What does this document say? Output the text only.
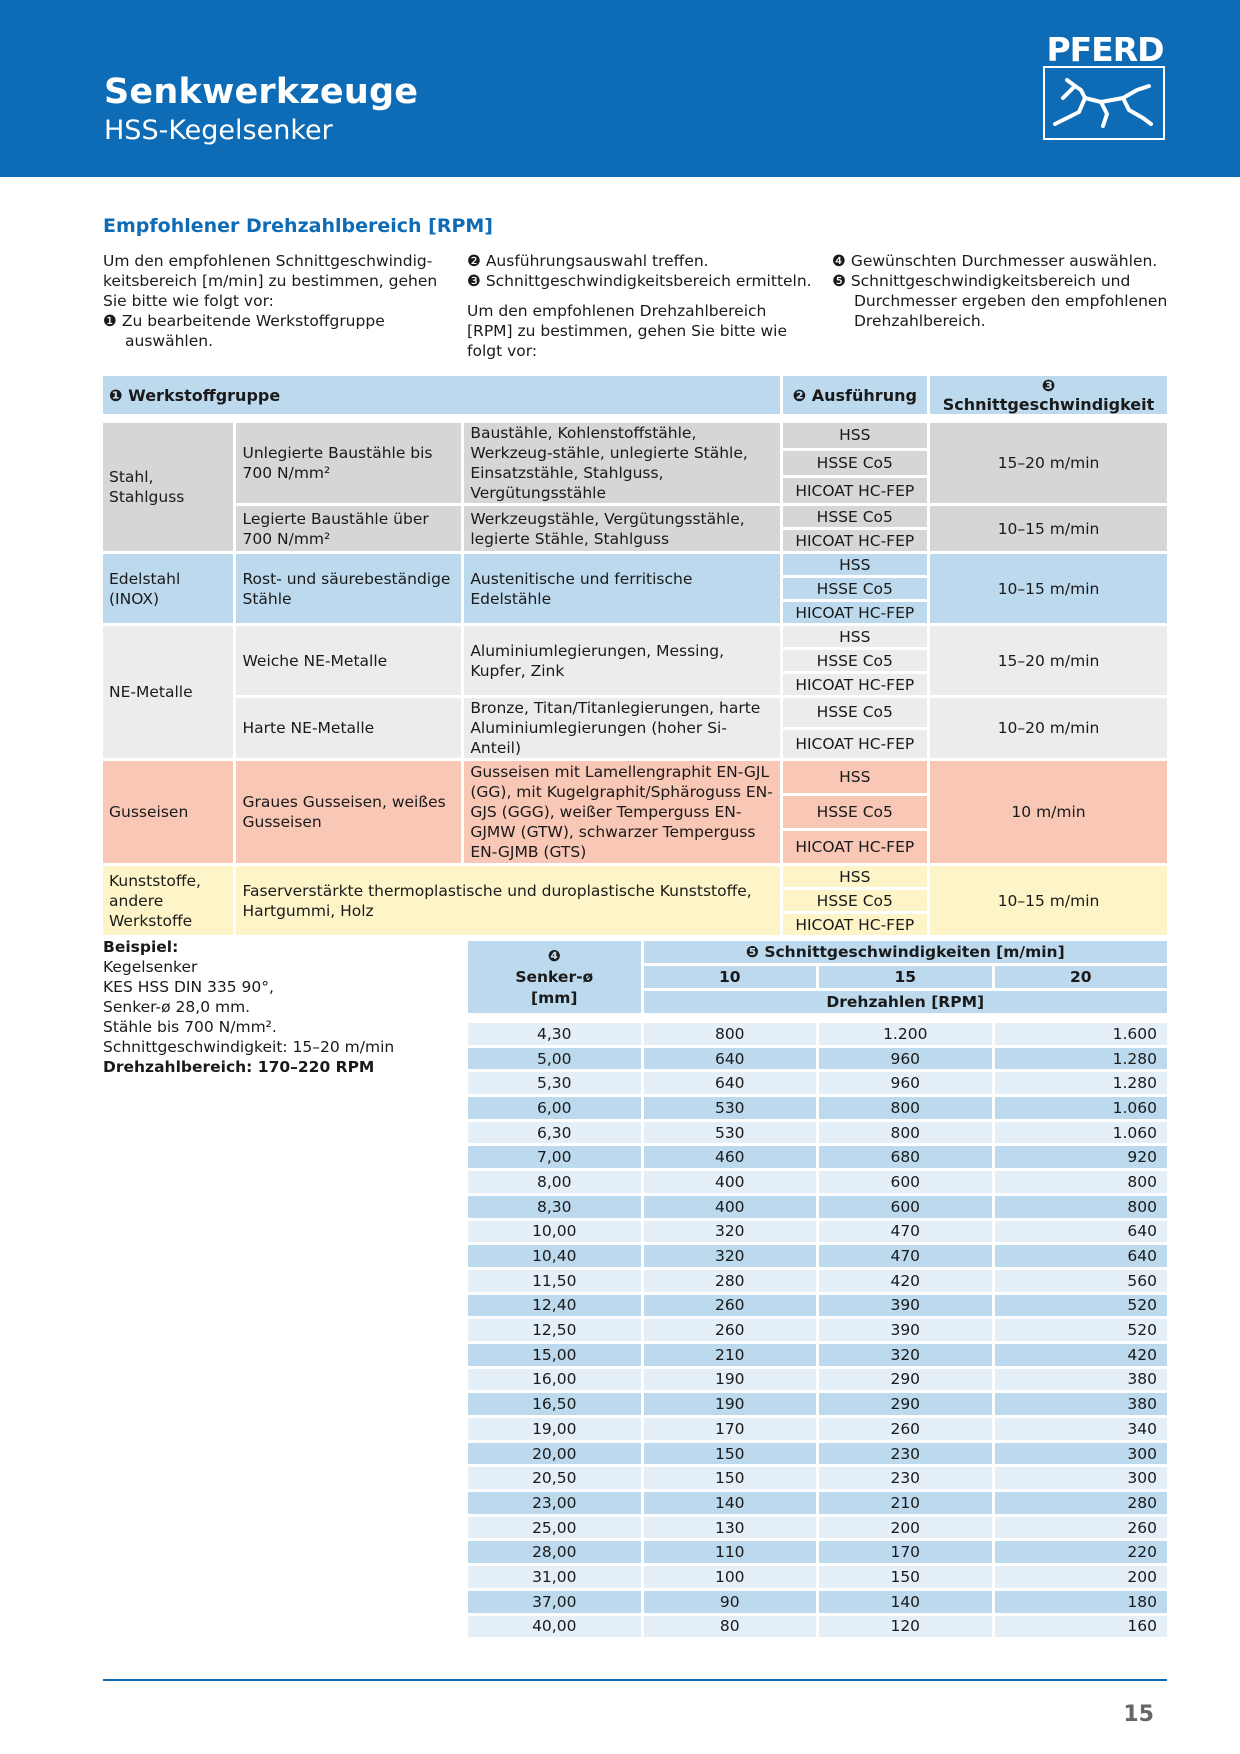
Senkwerkzeuge
HSS-Kegelsenker
PFERD
Empfohlener Drehzahlbereich [RPM]

Um den empfohlenen Schnittgeschwindig-

keitsbereich [m/min] zu bestimmen, gehen

Sie bitte wie folgt vor:

❶ Zu bearbeitende Werkstoffgruppe

auswählen.

❷ Ausführungsauswahl treffen.

❸ Schnittgeschwindigkeitsbereich ermitteln.

Um den empfohlenen Drehzahlbereich

[RPM] zu bestimmen, gehen Sie bitte wie

folgt vor:

❹ Gewünschten Durchmesser auswählen.

❺ Schnittgeschwindigkeitsbereich und

Durchmesser ergeben den empfohlenen

Drehzahlbereich.

❶ Werkstoffgruppe			❷ Ausführung	❸ Schnittgeschwindigkeit

Stahl, Stahlguss	Unlegierte Baustähle bis 700 N/mm²	Baustähle, Kohlenstoffstähle, Werkzeug-stähle, unlegierte Stähle, Einsatzstähle, Stahlguss, Vergütungsstähle	HSS	15–20 m/min
			HSSE Co5	
			HICOAT HC-FEP	
	Legierte Baustähle über 700 N/mm²	Werkzeugstähle, Vergütungsstähle, legierte Stähle, Stahlguss	HSSE Co5	10–15 m/min
			HICOAT HC-FEP	
Edelstahl (INOX)	Rost- und säurebeständige Stähle	Austenitische und ferritische Edelstähle	HSS	10–15 m/min
			HSSE Co5	
			HICOAT HC-FEP	
NE-Metalle	Weiche NE-Metalle	Aluminiumlegierungen, Messing, Kupfer, Zink	HSS	15–20 m/min
			HSSE Co5	
			HICOAT HC-FEP	
	Harte NE-Metalle	Bronze, Titan/Titanlegierungen, harte Aluminiumlegierungen (hoher Si-Anteil)	HSSE Co5	10–20 m/min
			HICOAT HC-FEP	
Gusseisen	Graues Gusseisen, weißes Gusseisen	Gusseisen mit Lamellengraphit EN-GJL (GG), mit Kugelgraphit/Sphäroguss EN-GJS (GGG), weißer Temperguss EN-GJMW (GTW), schwarzer Temperguss EN-GJMB (GTS)	HSS	10 m/min
			HSSE Co5	
			HICOAT HC-FEP	
Kunststoffe, andere Werkstoffe	Faserverstärkte thermoplastische und duroplastische Kunststoffe, Hartgummi, Holz		HSS	10–15 m/min
			HSSE Co5	
			HICOAT HC-FEP	

Beispiel:

Kegelsenker

KES HSS DIN 335 90°,

Senker-ø 28,0 mm.

Stähle bis 700 N/mm².

Schnittgeschwindigkeit: 15–20 m/min

Drehzahlbereich: 170–220 RPM

❹
Senker-ø
[mm]	❺ Schnittgeschwindigkeiten [m/min]		
	10	15	20
	Drehzahlen [RPM]		

4,30	800	1.200	1.600
5,00	640	960	1.280
5,30	640	960	1.280
6,00	530	800	1.060
6,30	530	800	1.060
7,00	460	680	920
8,00	400	600	800
8,30	400	600	800
10,00	320	470	640
10,40	320	470	640
11,50	280	420	560
12,40	260	390	520
12,50	260	390	520
15,00	210	320	420
16,00	190	290	380
16,50	190	290	380
19,00	170	260	340
20,00	150	230	300
20,50	150	230	300
23,00	140	210	280
25,00	130	200	260
28,00	110	170	220
31,00	100	150	200
37,00	90	140	180
40,00	80	120	160
15
